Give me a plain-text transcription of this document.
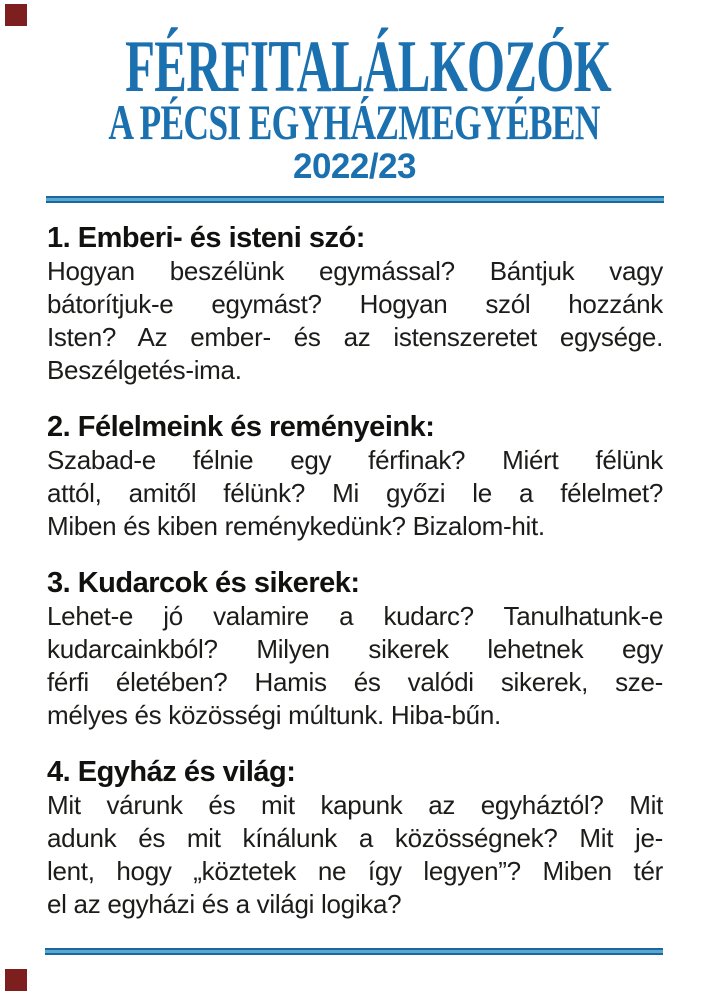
FÉRFITALÁLKOZÓK
A PÉCSI EGYHÁZMEGYÉBEN
2022/23
1. Emberi- és isteni szó:
Hogyan beszélünk egymással? Bántjuk vagy
bátorítjuk-e egymást? Hogyan szól hozzánk
Isten? Az ember- és az istenszeretet egysége.
Beszélgetés-ima.
2. Félelmeink és reményeink:
Szabad-e félnie egy férfinak? Miért félünk
attól, amitől félünk? Mi győzi le a félelmet?
Miben és kiben reménykedünk? Bizalom-hit.
3. Kudarcok és sikerek:
Lehet-e jó valamire a kudarc? Tanulhatunk-e
kudarcainkból? Milyen sikerek lehetnek egy
férfi életében? Hamis és valódi sikerek, sze-
mélyes és közösségi múltunk. Hiba-bűn.
4. Egyház és világ:
Mit várunk és mit kapunk az egyháztól? Mit
adunk és mit kínálunk a közösségnek? Mit je-
lent, hogy „köztetek ne így legyen”? Miben tér
el az egyházi és a világi logika?
